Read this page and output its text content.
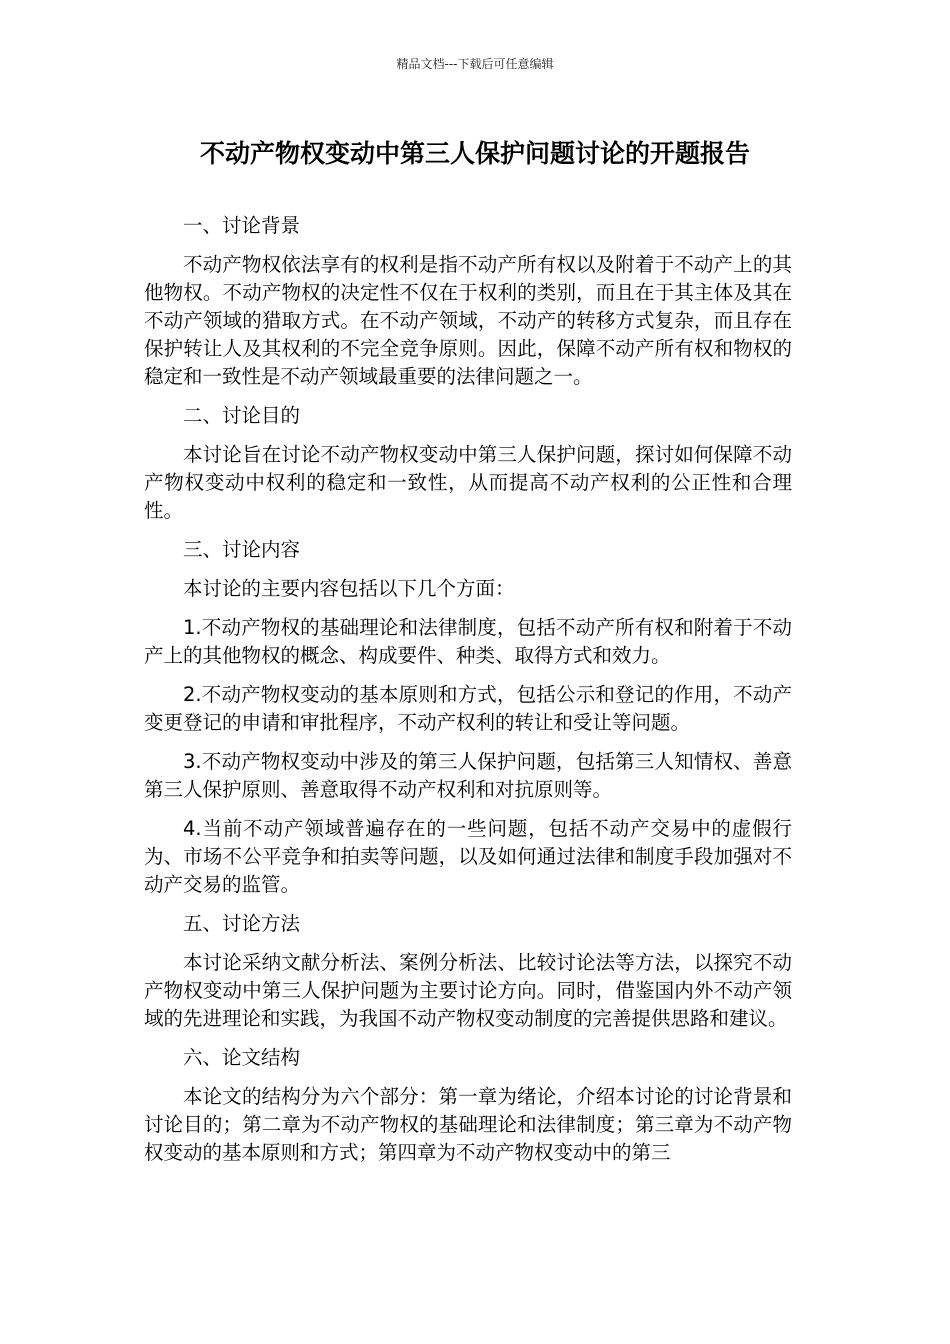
精品文档---下载后可任意编辑
不动产物权变动中第三人保护问题讨论的开题报告

一、讨论背景

不动产物权依法享有的权利是指不动产所有权以及附着于不动产上的其他物权。不动产物权的决定性不仅在于权利的类别，而且在于其主体及其在不动产领域的猎取方式。在不动产领域，不动产的转移方式复杂，而且存在保护转让人及其权利的不完全竞争原则。因此，保障不动产所有权和物权的稳定和一致性是不动产领域最重要的法律问题之一。

二、讨论目的

本讨论旨在讨论不动产物权变动中第三人保护问题，探讨如何保障不动产物权变动中权利的稳定和一致性，从而提高不动产权利的公正性和合理性。

三、讨论内容

本讨论的主要内容包括以下几个方面：

1.不动产物权的基础理论和法律制度，包括不动产所有权和附着于不动产上的其他物权的概念、构成要件、种类、取得方式和效力。

2.不动产物权变动的基本原则和方式，包括公示和登记的作用，不动产变更登记的申请和审批程序，不动产权利的转让和受让等问题。

3.不动产物权变动中涉及的第三人保护问题，包括第三人知情权、善意第三人保护原则、善意取得不动产权利和对抗原则等。

4.当前不动产领域普遍存在的一些问题，包括不动产交易中的虚假行为、市场不公平竞争和拍卖等问题，以及如何通过法律和制度手段加强对不动产交易的监管。

五、讨论方法

本讨论采纳文献分析法、案例分析法、比较讨论法等方法，以探究不动产物权变动中第三人保护问题为主要讨论方向。同时，借鉴国内外不动产领域的先进理论和实践，为我国不动产物权变动制度的完善提供思路和建议。

六、论文结构

本论文的结构分为六个部分：第一章为绪论，介绍本讨论的讨论背景和讨论目的；第二章为不动产物权的基础理论和法律制度；第三章为不动产物权变动的基本原则和方式；第四章为不动产物权变动中的第三
